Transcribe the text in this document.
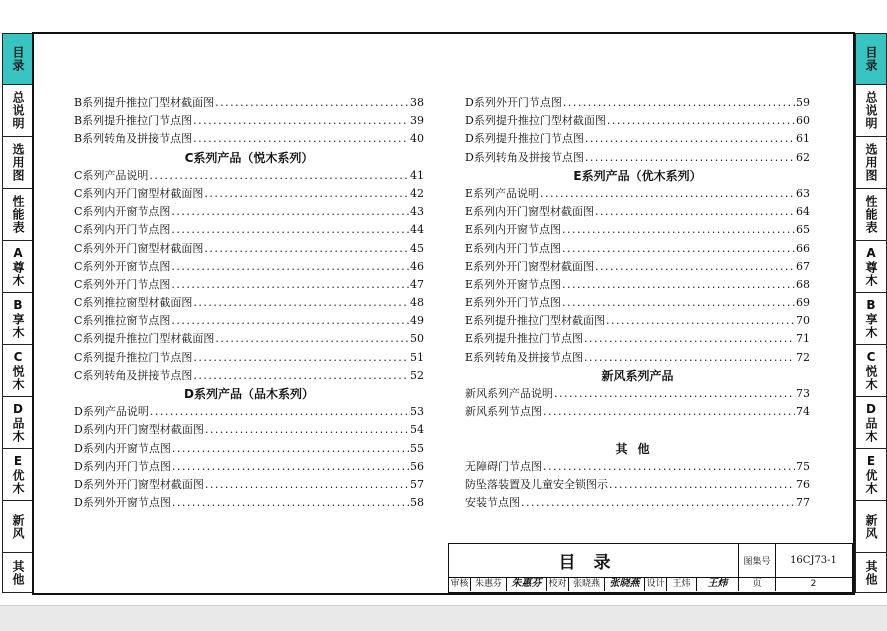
目录
总说明
选用图
性能表
A尊木
B享木
C悦木
D品木
E优木
新风
其他
目录
总说明
选用图
性能表
A尊木
B享木
C悦木
D品木
E优木
新风
其他
B系列提升推拉门型材截面图 .....	38
B系列提升推拉门节点图 .....	39
B系列转角及拼接节点图 .....	40
C系列产品（悦木系列）
C系列产品说明 .....	41
C系列内开门窗型材截面图 .....	42
C系列内开窗节点图 .....	43
C系列内开门节点图 .....	44
C系列外开门窗型材截面图 .....	45
C系列外开窗节点图 .....	46
C系列外开门节点图 .....	47
C系列推拉窗型材截面图 .....	48
C系列推拉窗节点图 .....	49
C系列提升推拉门型材截面图 .....	50
C系列提升推拉门节点图 .....	51
C系列转角及拼接节点图 .....	52
D系列产品（品木系列）
D系列产品说明 .....	53
D系列内开门窗型材截面图 .....	54
D系列内开窗节点图 .....	55
D系列内开门节点图 .....	56
D系列外开门窗型材截面图 .....	57
D系列外开窗节点图 .....	58
D系列外开门节点图 .....	59
D系列提升推拉门型材截面图 .....	60
D系列提升推拉门节点图 .....	61
D系列转角及拼接节点图 .....	62
E系列产品（优木系列）
E系列产品说明 .....	63
E系列内开门窗型材截面图 .....	64
E系列内开窗节点图 .....	65
E系列内开门节点图 .....	66
E系列外开门窗型材截面图 .....	67
E系列外开窗节点图 .....	68
E系列外开门节点图 .....	69
E系列提升推拉门型材截面图 .....	70
E系列提升推拉门节点图 .....	71
E系列转角及拼接节点图 .....	72
新风系列产品
新风系列产品说明 .....	73
新风系列节点图 .....	74
其他
无障碍门节点图 .....	75
防坠落装置及儿童安全锁图示 .....	76
安装节点图 .....	77
目录	图集号	16CJ73-1
审核 朱惠芬 朱惠芬 校对 张晓燕 张晓燕 设计 王炜	王炜	页	2
